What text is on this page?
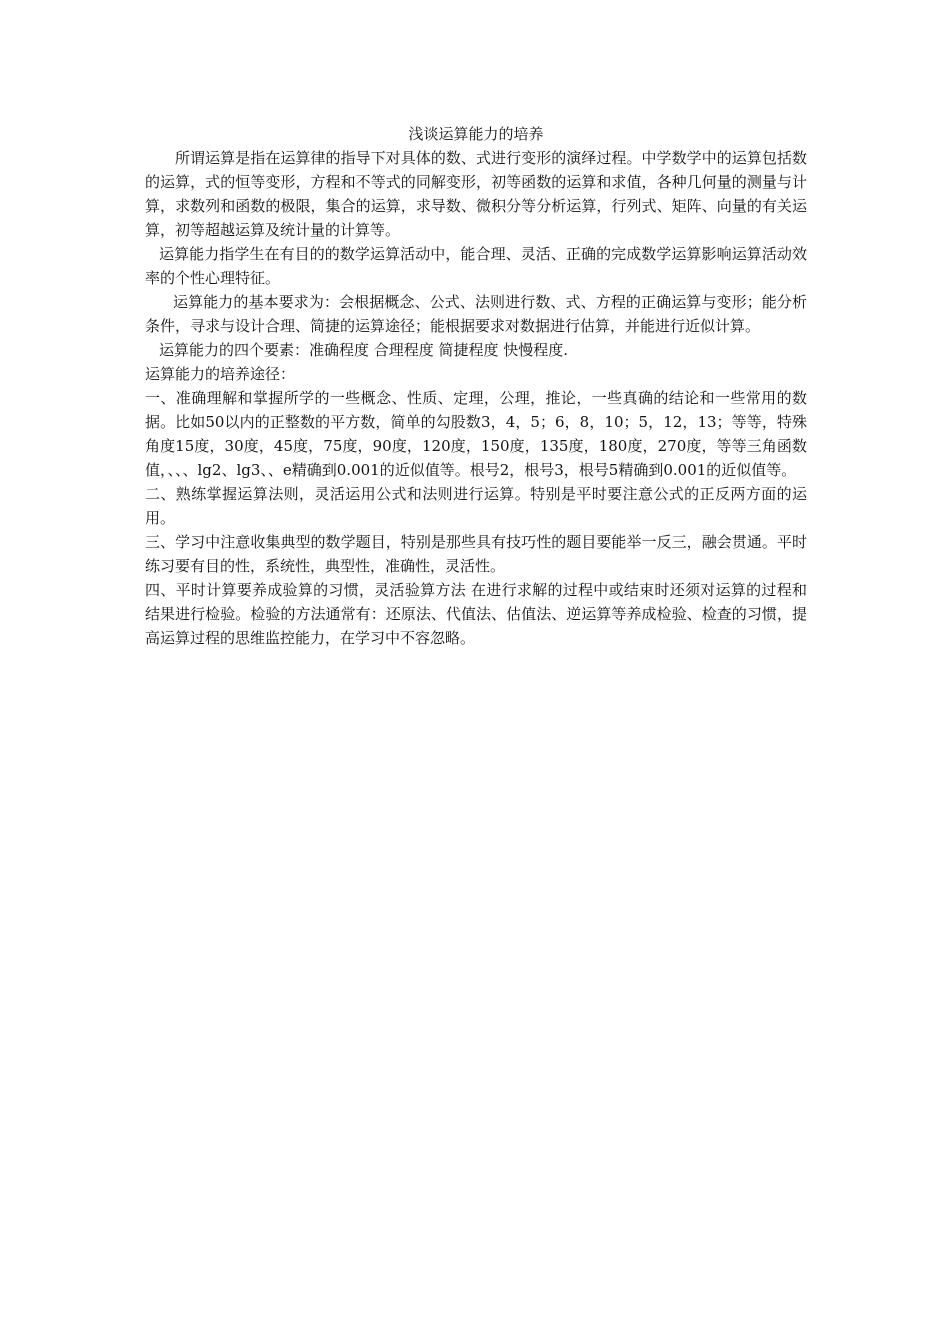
浅谈运算能力的培养

所谓运算是指在运算律的指导下对具体的数、式进行变形的演绎过程。中学数学中的运算包括数的运算，式的恒等变形，方程和不等式的同解变形，初等函数的运算和求值，各种几何量的测量与计算，求数列和函数的极限，集合的运算，求导数、微积分等分析运算，行列式、矩阵、向量的有关运算，初等超越运算及统计量的计算等。

运算能力指学生在有目的的数学运算活动中，能合理、灵活、正确的完成数学运算影响运算活动效率的个性心理特征。

运算能力的基本要求为：会根据概念、公式、法则进行数、式、方程的正确运算与变形；能分析条件，寻求与设计合理、简捷的运算途径；能根据要求对数据进行估算，并能进行近似计算。

运算能力的四个要素：准确程度 合理程度 简捷程度 快慢程度.

运算能力的培养途径：

一、准确理解和掌握所学的一些概念、性质、定理，公理，推论，一些真确的结论和一些常用的数据。比如50以内的正整数的平方数，简单的勾股数3，4，5；6，8，10；5，12，13；等等，特殊角度15度，30度，45度，75度，90度，120度，150度，135度，180度，270度，等等三角函数值，、、、lg2、lg3、、e精确到0.001的近似值等。根号2，根号3，根号5精确到0.001的近似值等。

二、熟练掌握运算法则，灵活运用公式和法则进行运算。特别是平时要注意公式的正反两方面的运用。

三、学习中注意收集典型的数学题目，特别是那些具有技巧性的题目要能举一反三，融会贯通。平时练习要有目的性，系统性，典型性，准确性，灵活性。

四、平时计算要养成验算的习惯，灵活验算方法 在进行求解的过程中或结束时还须对运算的过程和结果进行检验。检验的方法通常有：还原法、代值法、估值法、逆运算等养成检验、检查的习惯，提高运算过程的思维监控能力，在学习中不容忽略。
